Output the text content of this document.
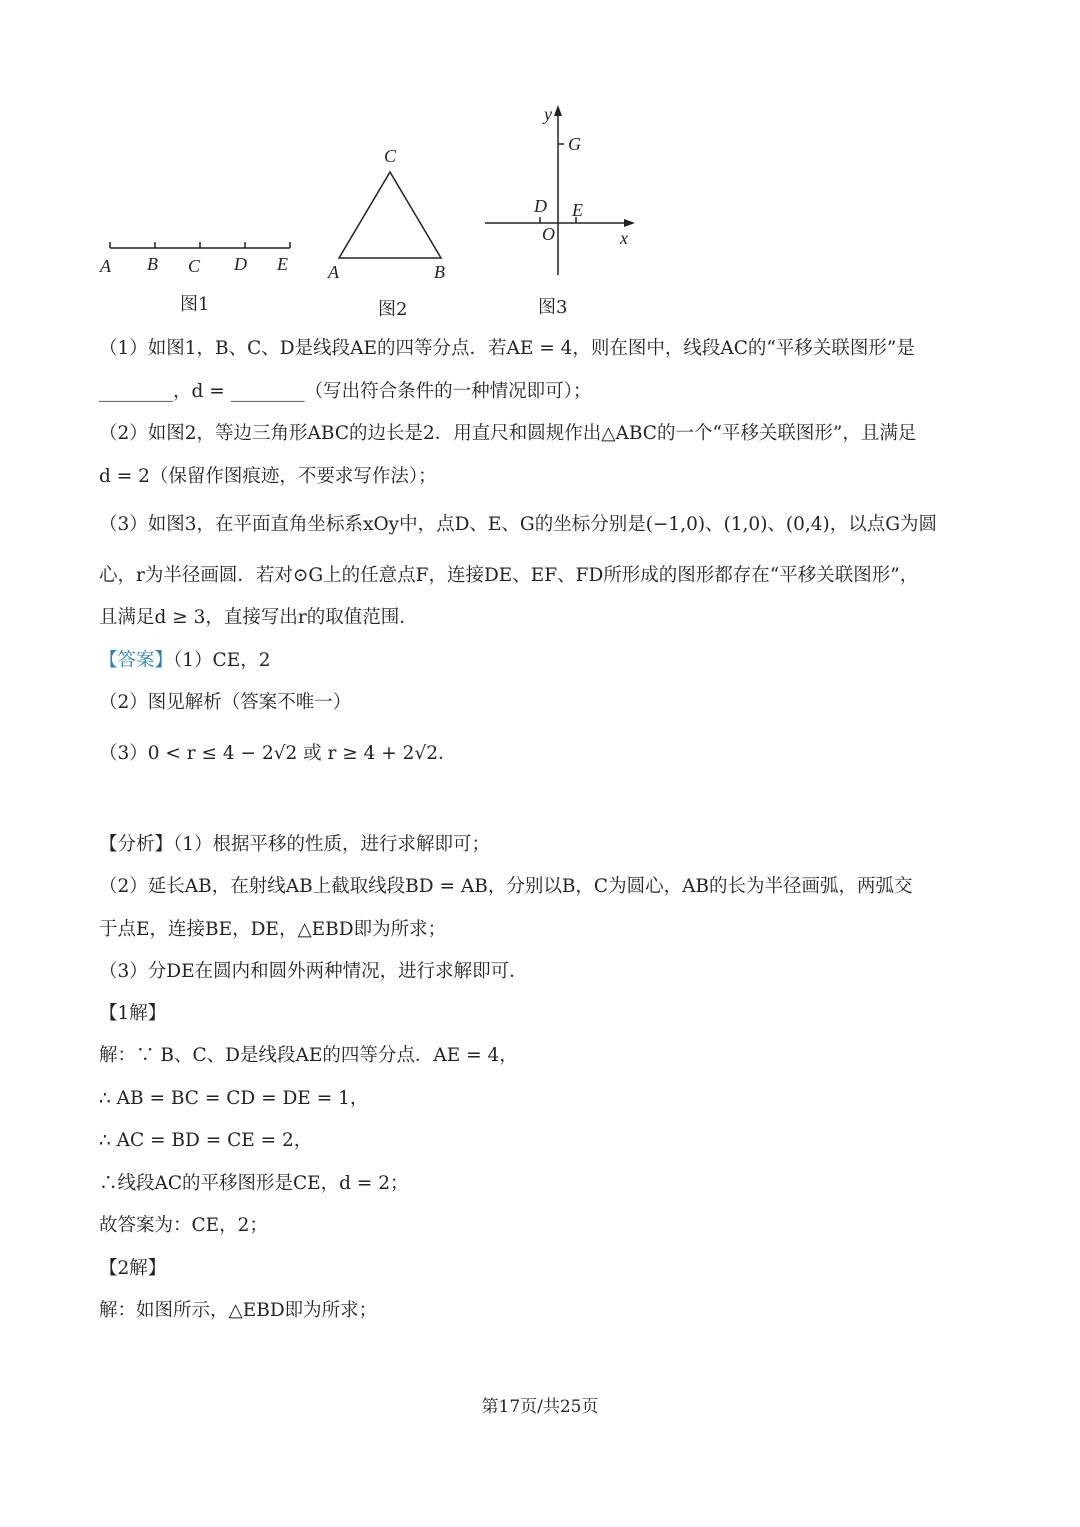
A B C D E
图1
C
A	B
图2
y
G
D E
O	x
图3
（1）如图1，B、C、D是线段AE的四等分点．若AE = 4，则在图中，线段AC的“平移关联图形”是
________，d = ________（写出符合条件的一种情况即可）；
（2）如图2，等边三角形ABC的边长是2．用直尺和圆规作出△ABC的一个“平移关联图形”，且满足
d = 2（保留作图痕迹，不要求写作法）；
（3）如图3，在平面直角坐标系xOy中，点D、E、G的坐标分别是(−1,0)、(1,0)、(0,4)，以点G为圆
心，r为半径画圆．若对⊙G上的任意点F，连接DE、EF、FD所形成的图形都存在“平移关联图形”，
且满足d ≥ 3，直接写出r的取值范围．
【答案】（1）CE，2
（2）图见解析（答案不唯一）
（3）0 < r ≤ 4 − 2√2 或 r ≥ 4 + 2√2．
【分析】（1）根据平移的性质，进行求解即可；
（2）延长AB，在射线AB上截取线段BD = AB，分别以B，C为圆心，AB的长为半径画弧，两弧交
于点E，连接BE，DE，△EBD即为所求；
（3）分DE在圆内和圆外两种情况，进行求解即可．
【1解】
解：∵ B、C、D是线段AE的四等分点．AE = 4，
∴ AB = BC = CD = DE = 1，
∴ AC = BD = CE = 2，
∴线段AC的平移图形是CE，d = 2；
故答案为：CE，2；
【2解】
解：如图所示，△EBD即为所求；
第17页/共25页
